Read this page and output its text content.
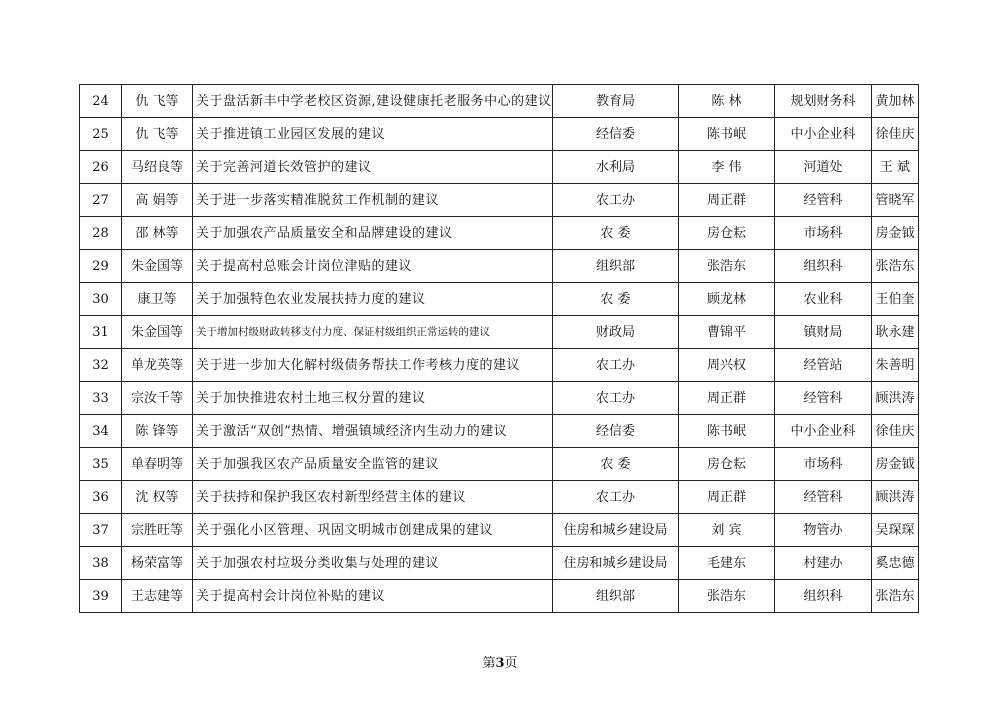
24	仇 飞等	关于盘活新丰中学老校区资源,建设健康托老服务中心的建议	教育局	陈 林	规划财务科	黄加林
25	仇 飞等	关于推进镇工业园区发展的建议	经信委	陈书岷	中小企业科	徐佳庆
26	马绍良等	关于完善河道长效管护的建议	水利局	李 伟	河道处	王 斌
27	高 娟等	关于进一步落实精准脱贫工作机制的建议	农工办	周正群	经管科	管晓军
28	邵 林等	关于加强农产品质量安全和品牌建设的建议	农 委	房仓耘	市场科	房金钺
29	朱金国等	关于提高村总账会计岗位津贴的建议	组织部	张浩东	组织科	张浩东
30	康卫等	关于加强特色农业发展扶持力度的建议	农 委	顾龙林	农业科	王伯奎
31	朱金国等	关于增加村级财政转移支付力度、保证村级组织正常运转的建议	财政局	曹锦平	镇财局	耿永建
32	单龙英等	关于进一步加大化解村级债务帮扶工作考核力度的建议	农工办	周兴权	经管站	朱善明
33	宗汝千等	关于加快推进农村土地三权分置的建议	农工办	周正群	经管科	顾洪涛
34	陈 锋等	关于激活“双创”热情、增强镇域经济内生动力的建议	经信委	陈书岷	中小企业科	徐佳庆
35	单春明等	关于加强我区农产品质量安全监管的建议	农 委	房仓耘	市场科	房金钺
36	沈 权等	关于扶持和保护我区农村新型经营主体的建议	农工办	周正群	经管科	顾洪涛
37	宗胜旺等	关于强化小区管理、巩固文明城市创建成果的建议	住房和城乡建设局	刘 宾	物管办	吴琛琛
38	杨荣富等	关于加强农村垃圾分类收集与处理的建议	住房和城乡建设局	毛建东	村建办	奚忠德
39	王志建等	关于提高村会计岗位补贴的建议	组织部	张浩东	组织科	张浩东
第3页
